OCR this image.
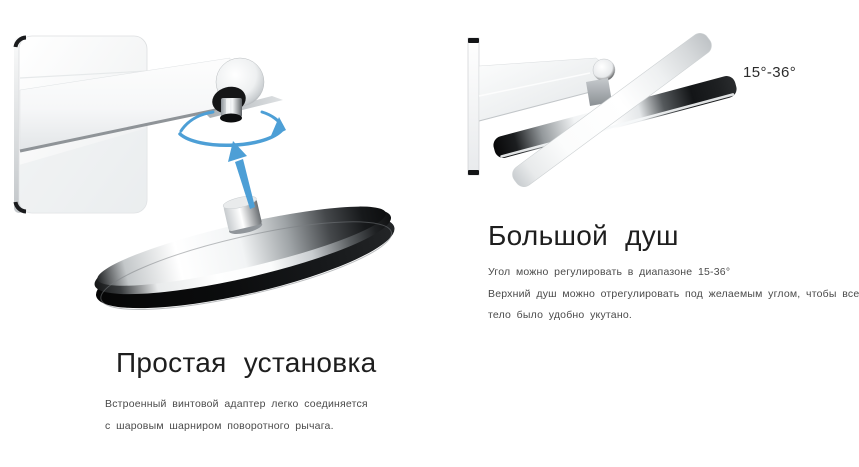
15°-36°
Простая установка
Встроенный винтовой адаптер легко соединяется
с шаровым шарниром поворотного рычага.
Большой душ
Угол можно регулировать в диапазоне 15-36°
Верхний душ можно отрегулировать под желаемым углом, чтобы все
тело было удобно укутано.
